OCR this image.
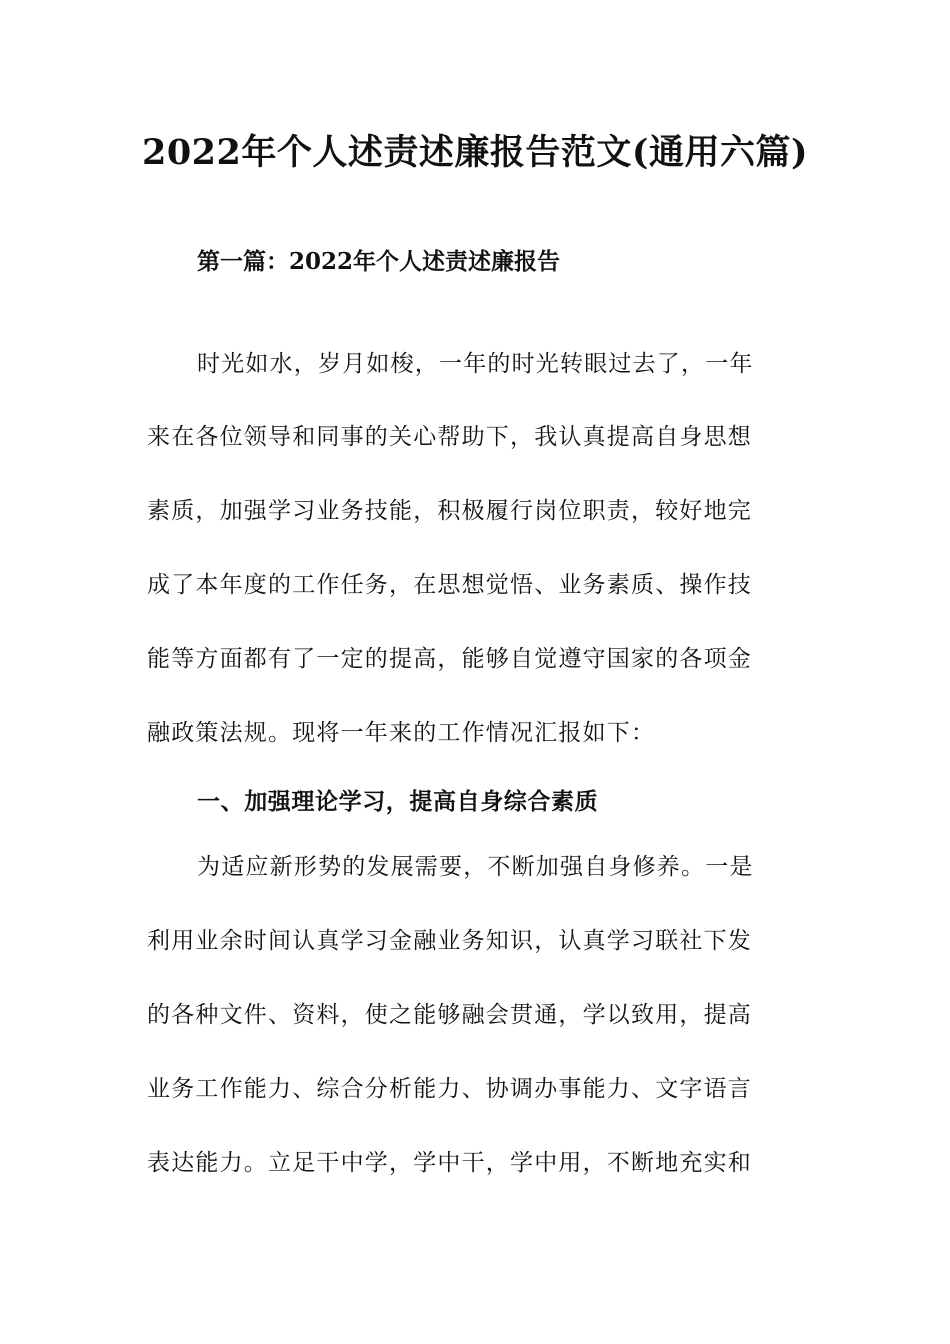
2022年个人述责述廉报告范文(通用六篇)
第一篇：2022年个人述责述廉报告
时光如水，岁月如梭，一年的时光转眼过去了，一年
来在各位领导和同事的关心帮助下，我认真提高自身思想
素质，加强学习业务技能，积极履行岗位职责，较好地完
成了本年度的工作任务，在思想觉悟、业务素质、操作技
能等方面都有了一定的提高，能够自觉遵守国家的各项金
融政策法规。现将一年来的工作情况汇报如下：
一、加强理论学习，提高自身综合素质
为适应新形势的发展需要，不断加强自身修养。一是
利用业余时间认真学习金融业务知识，认真学习联社下发
的各种文件、资料，使之能够融会贯通，学以致用，提高
业务工作能力、综合分析能力、协调办事能力、文字语言
表达能力。立足干中学，学中干，学中用，不断地充实和
